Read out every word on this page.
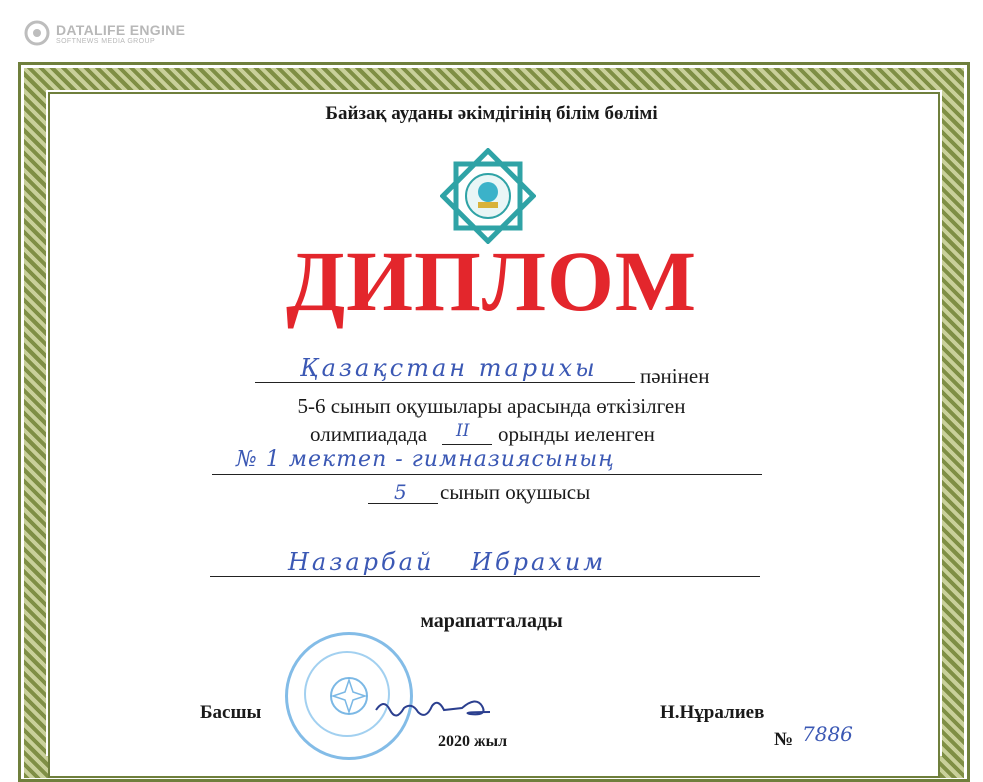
DATALIFE ENGINE
SOFTNEWS MEDIA GROUP
Байзақ ауданы әкімдігінің білім бөлімі
ДИПЛОМ
Қазақстан тарихы пәнінен
5-6 сынып оқушылары арасында өткізілген
олимпиадада II орынды иеленген
№ 1 мектеп - гимназиясының
5 сынып оқушысы
Назарбай Ибрахим
марапатталады
Басшы	Н.Нұралиев
2020 жыл	№ 7886
